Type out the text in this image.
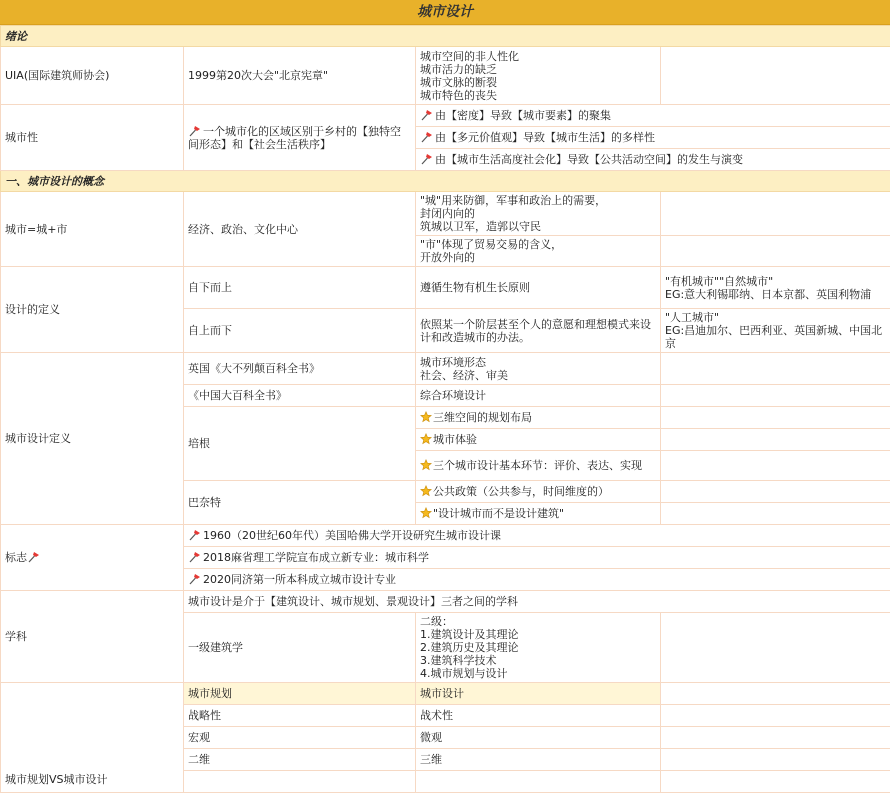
城市设计
绪论			
UIA(国际建筑师协会)	1999第20次大会"北京宪章"	城市空间的非人性化
城市活力的缺乏
城市文脉的断裂
城市特色的丧失	

城市性	一个城市化的区域区别于乡村的【独特空间形态】和【社会生活秩序】	由【密度】导致【城市要素】的聚集	
		由【多元价值观】导致【城市生活】的多样性	
		由【城市生活高度社会化】导致【公共活动空间】的发生与演变	
一、城市设计的概念			
城市=城+市	经济、政治、文化中心	"城"用来防御，军事和政治上的需要，
封闭内向的
筑城以卫军，造郭以守民	

		"市"体现了贸易交易的含义，
开放外向的	

设计的定义	自下而上	遵循生物有机生长原则	"有机城市""自然城市"
EG:意大利锡耶纳、日本京都、英国利物浦

	自上而下	依照某一个阶层甚至个人的意愿和理想模式来设计和改造城市的办法。	"人工城市"
EG:昌迪加尔、巴西利亚、英国新城、中国北京

城市设计定义	英国《大不列颠百科全书》	城市环境形态
社会、经济、审美	

	《中国大百科全书》	综合环境设计	
	培根	三维空间的规划布局	
		城市体验	
		三个城市设计基本环节：评价、表达、实现	
	巴奈特	公共政策（公共参与，时间维度的）	
		"设计城市而不是设计建筑"	
标志	1960（20世纪60年代）美国哈佛大学开设研究生城市设计课		
	2018麻省理工学院宣布成立新专业：城市科学		
	2020同济第一所本科成立城市设计专业		
学科	城市设计是介于【建筑设计、城市规划、景观设计】三者之间的学科		
	一级建筑学	二级：
1.建筑设计及其理论
2.建筑历史及其理论
3.建筑科学技术
4.城市规划与设计	

城市规划VS城市设计	城市规划	城市设计	
	战略性	战术性	
	宏观	微观	
	二维	三维	
